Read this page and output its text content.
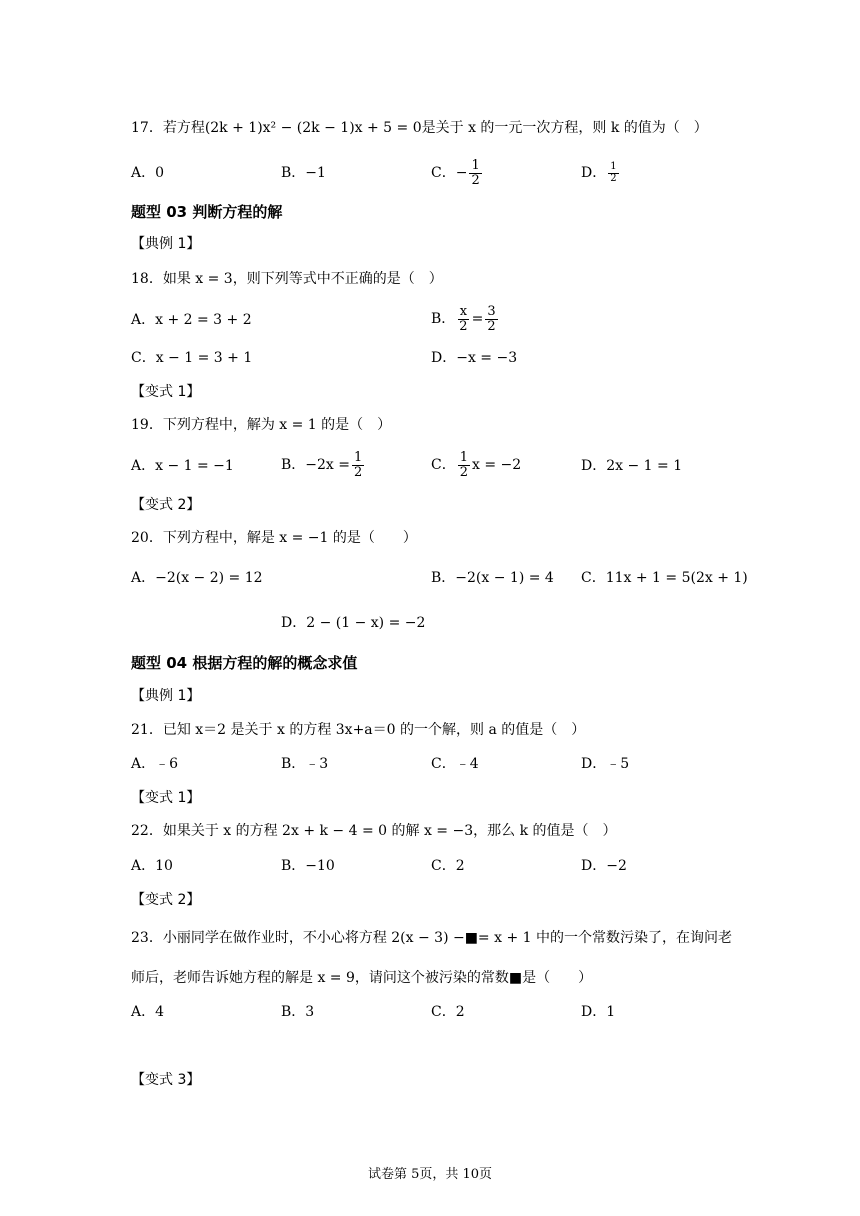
17．若方程(2k + 1)x² − (2k − 1)x + 5 = 0是关于 x 的一元一次方程，则 k 的值为（　）
A．0	B．−1	C．− $\frac{1}{2}$	D． $\frac{1}{2}$
题型 03 判断方程的解
【典例 1】
18．如果 x = 3，则下列等式中不正确的是（　）
A．x + 2 = 3 + 2	B． $\frac{x}{2} = \frac{3}{2}$
C．x − 1 = 3 + 1	D．−x = −3
【变式 1】
19．下列方程中，解为 x = 1 的是（　）
A．x − 1 = −1	B．$-2x = \frac{1}{2}$	C． $\frac{1}{2}$ x = −2	D．2x − 1 = 1
【变式 2】
20．下列方程中，解是 x = −1 的是（　　）
A．−2(x − 2) = 12	B．−2(x − 1) = 4 C．11x + 1 = 5(2x + 1)
D．2 − (1 − x) = −2
题型 04 根据方程的解的概念求值
【典例 1】
21．已知 x＝2 是关于 x 的方程 3x+a＝0 的一个解，则 a 的值是（　）
A．﹣6	B．﹣3	C．﹣4	D．﹣5
【变式 1】
22．如果关于 x 的方程 2x + k − 4 = 0 的解 x = −3，那么 k 的值是（　）
A．10	B．−10	C．2	D．−2
【变式 2】
23．小丽同学在做作业时，不小心将方程 2(x − 3) −■= x + 1 中的一个常数污染了，在询问老
师后，老师告诉她方程的解是 x = 9，请问这个被污染的常数■是（　　）
A．4	B．3	C．2	D．1
【变式 3】
试卷第 5页，共 10页
